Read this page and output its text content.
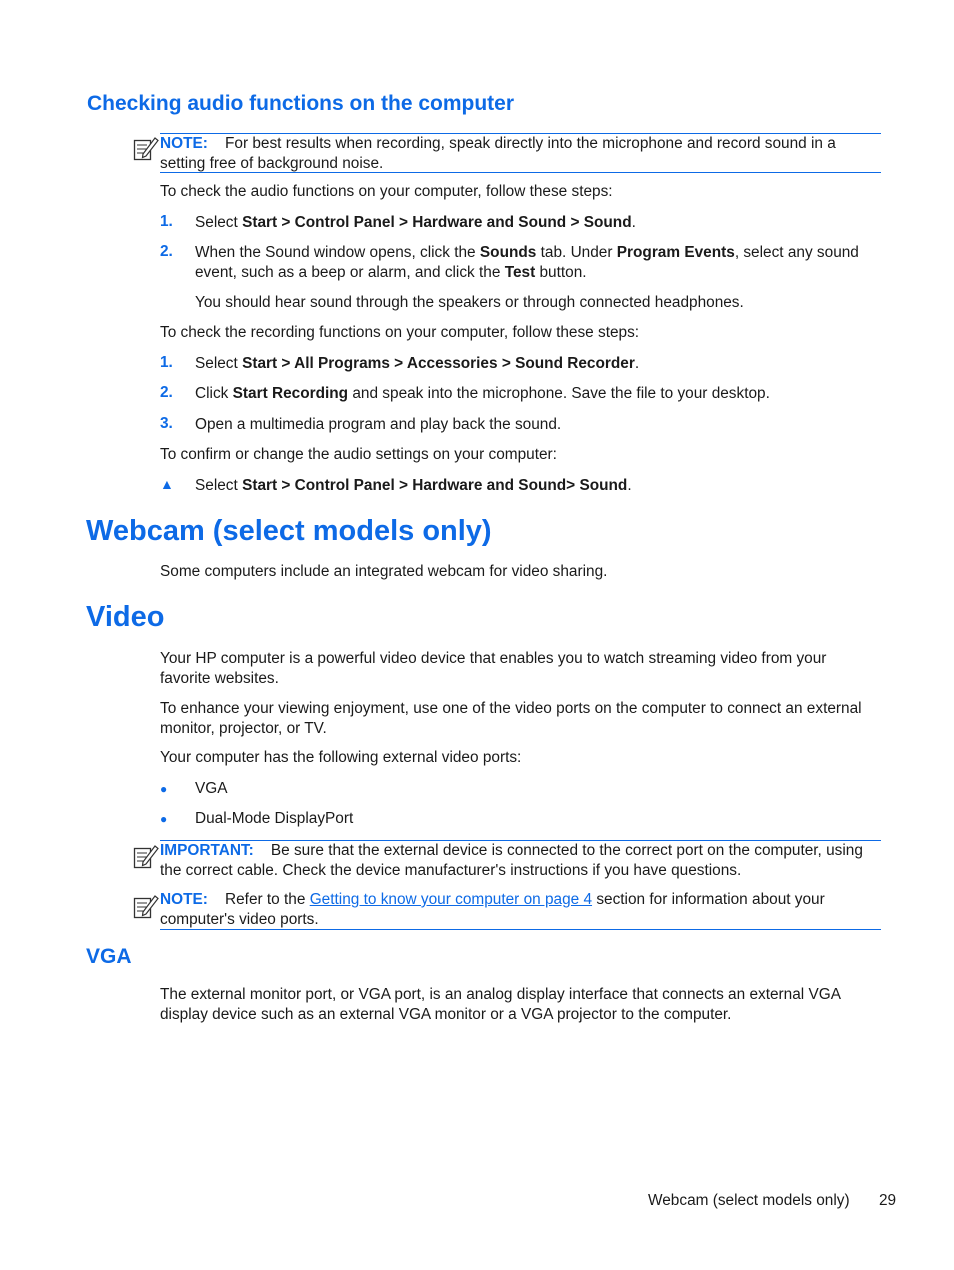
Checking audio functions on the computer
NOTE: For best results when recording, speak directly into the microphone and record sound in a setting free of background noise.
To check the audio functions on your computer, follow these steps:
1. Select Start > Control Panel > Hardware and Sound > Sound.
2. When the Sound window opens, click the Sounds tab. Under Program Events, select any sound event, such as a beep or alarm, and click the Test button.
You should hear sound through the speakers or through connected headphones.
To check the recording functions on your computer, follow these steps:
1. Select Start > All Programs > Accessories > Sound Recorder.
2. Click Start Recording and speak into the microphone. Save the file to your desktop.
3. Open a multimedia program and play back the sound.
To confirm or change the audio settings on your computer:
▲ Select Start > Control Panel > Hardware and Sound> Sound.
Webcam (select models only)
Some computers include an integrated webcam for video sharing.
Video
Your HP computer is a powerful video device that enables you to watch streaming video from your favorite websites.
To enhance your viewing enjoyment, use one of the video ports on the computer to connect an external monitor, projector, or TV.
Your computer has the following external video ports:
● VGA
● Dual-Mode DisplayPort
IMPORTANT: Be sure that the external device is connected to the correct port on the computer, using the correct cable. Check the device manufacturer's instructions if you have questions.
NOTE: Refer to the Getting to know your computer on page 4 section for information about your computer's video ports.
VGA
The external monitor port, or VGA port, is an analog display interface that connects an external VGA display device such as an external VGA monitor or a VGA projector to the computer.
Webcam (select models only) 29
